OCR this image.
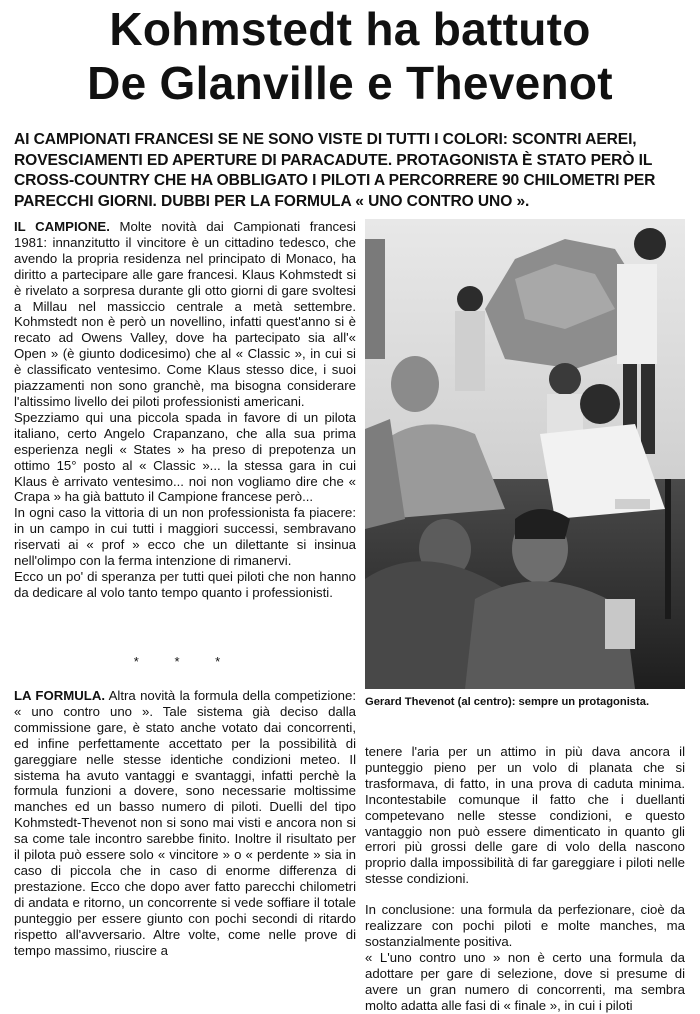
Kohmstedt ha battuto
De Glanville e Thevenot

AI CAMPIONATI FRANCESI SE NE SONO VISTE DI TUTTI I COLORI: SCONTRI AEREI, ROVESCIAMENTI ED APERTURE DI PARACADUTE. PROTAGONISTA È STATO PERÒ IL CROSS-COUNTRY CHE HA OBBLIGATO I PILOTI A PERCORRERE 90 CHILOMETRI PER PARECCHI GIORNI. DUBBI PER LA FORMULA « UNO CONTRO UNO ».

IL CAMPIONE. Molte novità dai Campionati francesi 1981: innanzitutto il vincitore è un cittadino tedesco, che avendo la propria residenza nel principato di Monaco, ha diritto a partecipare alle gare francesi. Klaus Kohmstedt si è rivelato a sorpresa durante gli otto giorni di gare svoltesi a Millau nel massiccio centrale a metà settembre. Kohmstedt non è però un novellino, infatti quest'anno si è recato ad Owens Valley, dove ha partecipato sia all'« Open » (è giunto dodicesimo) che al « Classic », in cui si è classificato ventesimo. Come Klaus stesso dice, i suoi piazzamenti non sono granchè, ma bisogna considerare l'altissimo livello dei piloti professionisti americani.

Spezziamo qui una piccola spada in favore di un pilota italiano, certo Angelo Crapanzano, che alla sua prima esperienza negli « States » ha preso di prepotenza un ottimo 15° posto al « Classic »... la stessa gara in cui Klaus è arrivato ventesimo... noi non vogliamo dire che « Crapa » ha già battuto il Campione francese però...

In ogni caso la vittoria di un non professionista fa piacere: in un campo in cui tutti i maggiori successi, sembravano riservati ai « prof » ecco che un dilettante si insinua nell'olimpo con la ferma intenzione di rimanervi.

Ecco un po' di speranza per tutti quei piloti che non hanno da dedicare al volo tanto tempo quanto i professionisti.

* * *

LA FORMULA. Altra novità la formula della competizione: « uno contro uno ». Tale sistema già deciso dalla commissione gare, è stato anche votato dai concorrenti, ed infine perfettamente accettato per la possibilità di gareggiare nelle stesse identiche condizioni meteo. Il sistema ha avuto vantaggi e svantaggi, infatti perchè la formula funzioni a dovere, sono necessarie moltissime manches ed un basso numero di piloti. Duelli del tipo Kohmstedt-Thevenot non si sono mai visti e ancora non si sa come tale incontro sarebbe finito. Inoltre il risultato per il pilota può essere solo « vincitore » o « perdente » sia in caso di piccola che in caso di enorme differenza di prestazione. Ecco che dopo aver fatto parecchi chilometri di andata e ritorno, un concorrente si vede soffiare il totale punteggio per essere giunto con pochi secondi di ritardo rispetto all'avversario. Altre volte, come nelle prove di tempo massimo, riuscire a

Gerard Thevenot (al centro): sempre un protagonista.

tenere l'aria per un attimo in più dava ancora il punteggio pieno per un volo di planata che si trasformava, di fatto, in una prova di caduta minima. Incontestabile comunque il fatto che i duellanti competevano nelle stesse condizioni, e questo vantaggio non può essere dimenticato in quanto gli errori più grossi delle gare di volo della nascono proprio dalla impossibilità di far gareggiare i piloti nelle stesse condizioni.

In conclusione: una formula da perfezionare, cioè da realizzare con pochi piloti e molte manches, ma sostanzialmente positiva.

« L'uno contro uno » non è certo una formula da adottare per gare di selezione, dove si presume di avere un gran numero di concorrenti, ma sembra molto adatta alle fasi di « finale », in cui i piloti
